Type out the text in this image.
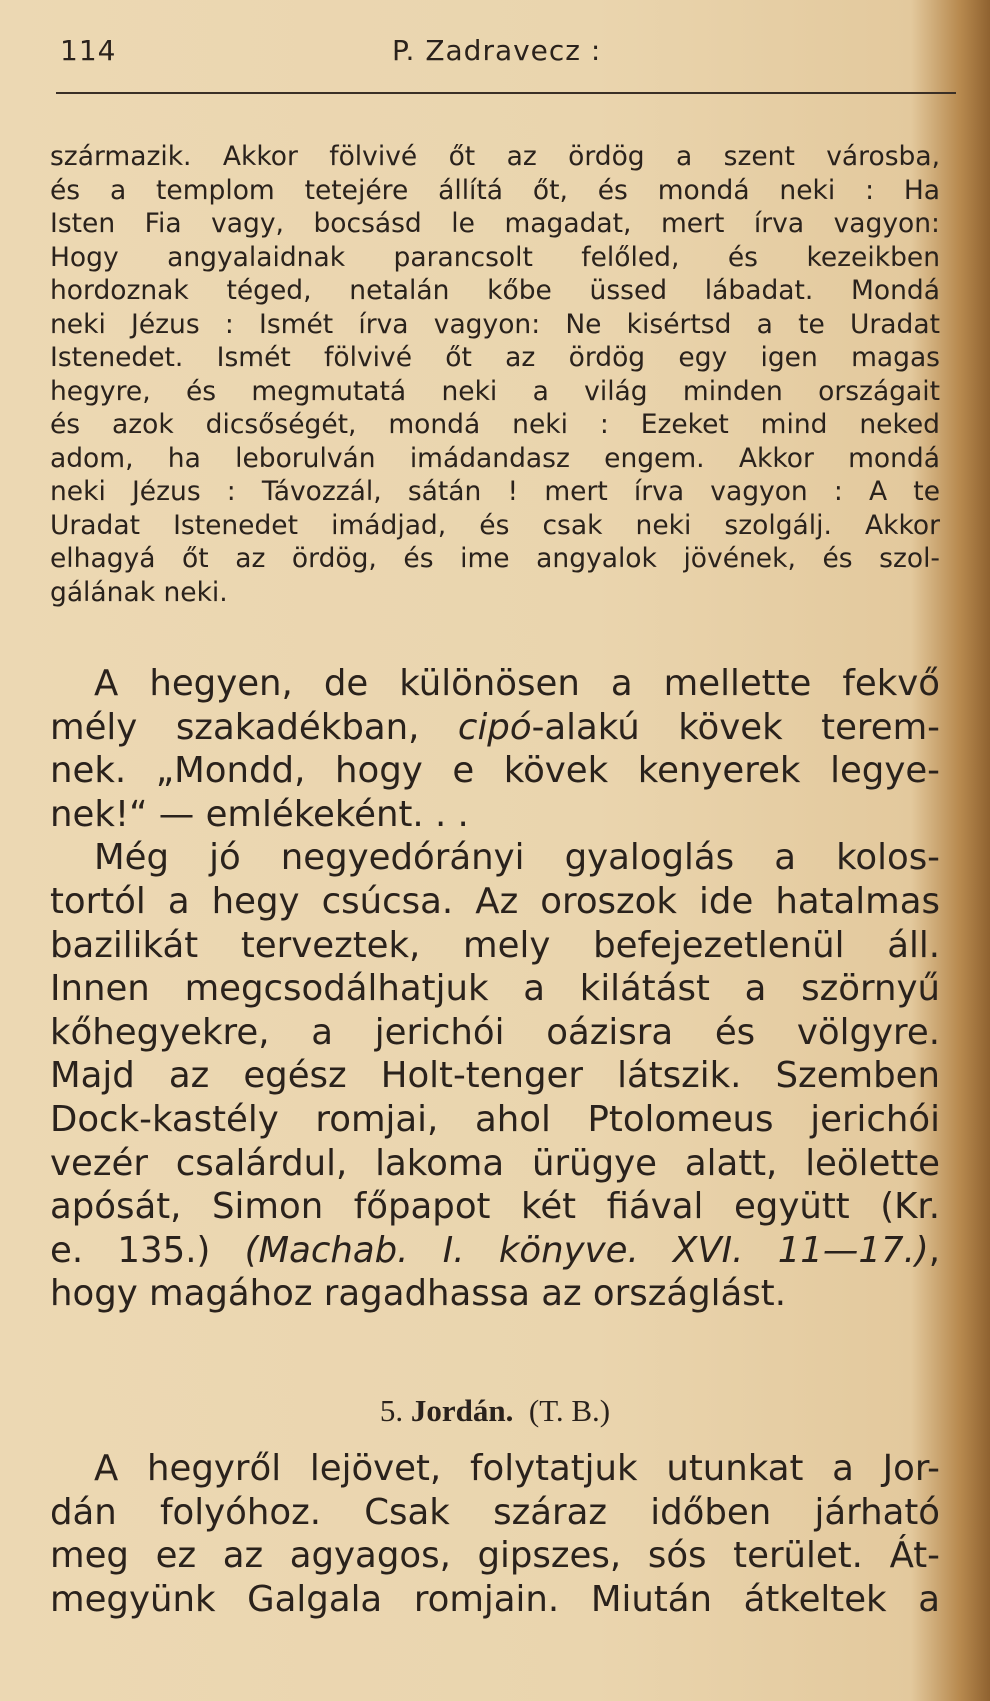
114	P. Zadravecz :
származik. Akkor fölvivé őt az ördög a szent városba,
és a templom tetejére állítá őt, és mondá neki : Ha
Isten Fia vagy, bocsásd le magadat, mert írva vagyon:
Hogy angyalaidnak parancsolt felőled, és kezeikben
hordoznak téged, netalán kőbe üssed lábadat. Mondá
neki Jézus : Ismét írva vagyon: Ne kisértsd a te Uradat
Istenedet. Ismét fölvivé őt az ördög egy igen magas
hegyre, és megmutatá neki a világ minden országait
és azok dicsőségét, mondá neki : Ezeket mind neked
adom, ha leborulván imádandasz engem. Akkor mondá
neki Jézus : Távozzál, sátán ! mert írva vagyon : A te
Uradat Istenedet imádjad, és csak neki szolgálj. Akkor
elhagyá őt az ördög, és ime angyalok jövének, és szol-
gálának neki.
A hegyen, de különösen a mellette fekvő
mély szakadékban, cipó-alakú kövek terem-
nek. „Mondd, hogy e kövek kenyerek legye-
nek!“ — emlékeként. . .
Még jó negyedórányi gyaloglás a kolos-
tortól a hegy csúcsa. Az oroszok ide hatalmas
bazilikát terveztek, mely befejezetlenül áll.
Innen megcsodálhatjuk a kilátást a szörnyű
kőhegyekre, a jerichói oázisra és völgyre.
Majd az egész Holt-tenger látszik. Szemben
Dock-kastély romjai, ahol Ptolomeus jerichói
vezér csalárdul, lakoma ürügye alatt, leölette
apósát, Simon főpapot két fiával együtt (Kr.
e. 135.) (Machab. I. könyve. XVI. 11—17.),
hogy magához ragadhassa az országlást.
5. Jordán. (T. B.)
A hegyről lejövet, folytatjuk utunkat a Jor-
dán folyóhoz. Csak száraz időben járható
meg ez az agyagos, gipszes, sós terület. Át-
megyünk Galgala romjain. Miután átkeltek a
